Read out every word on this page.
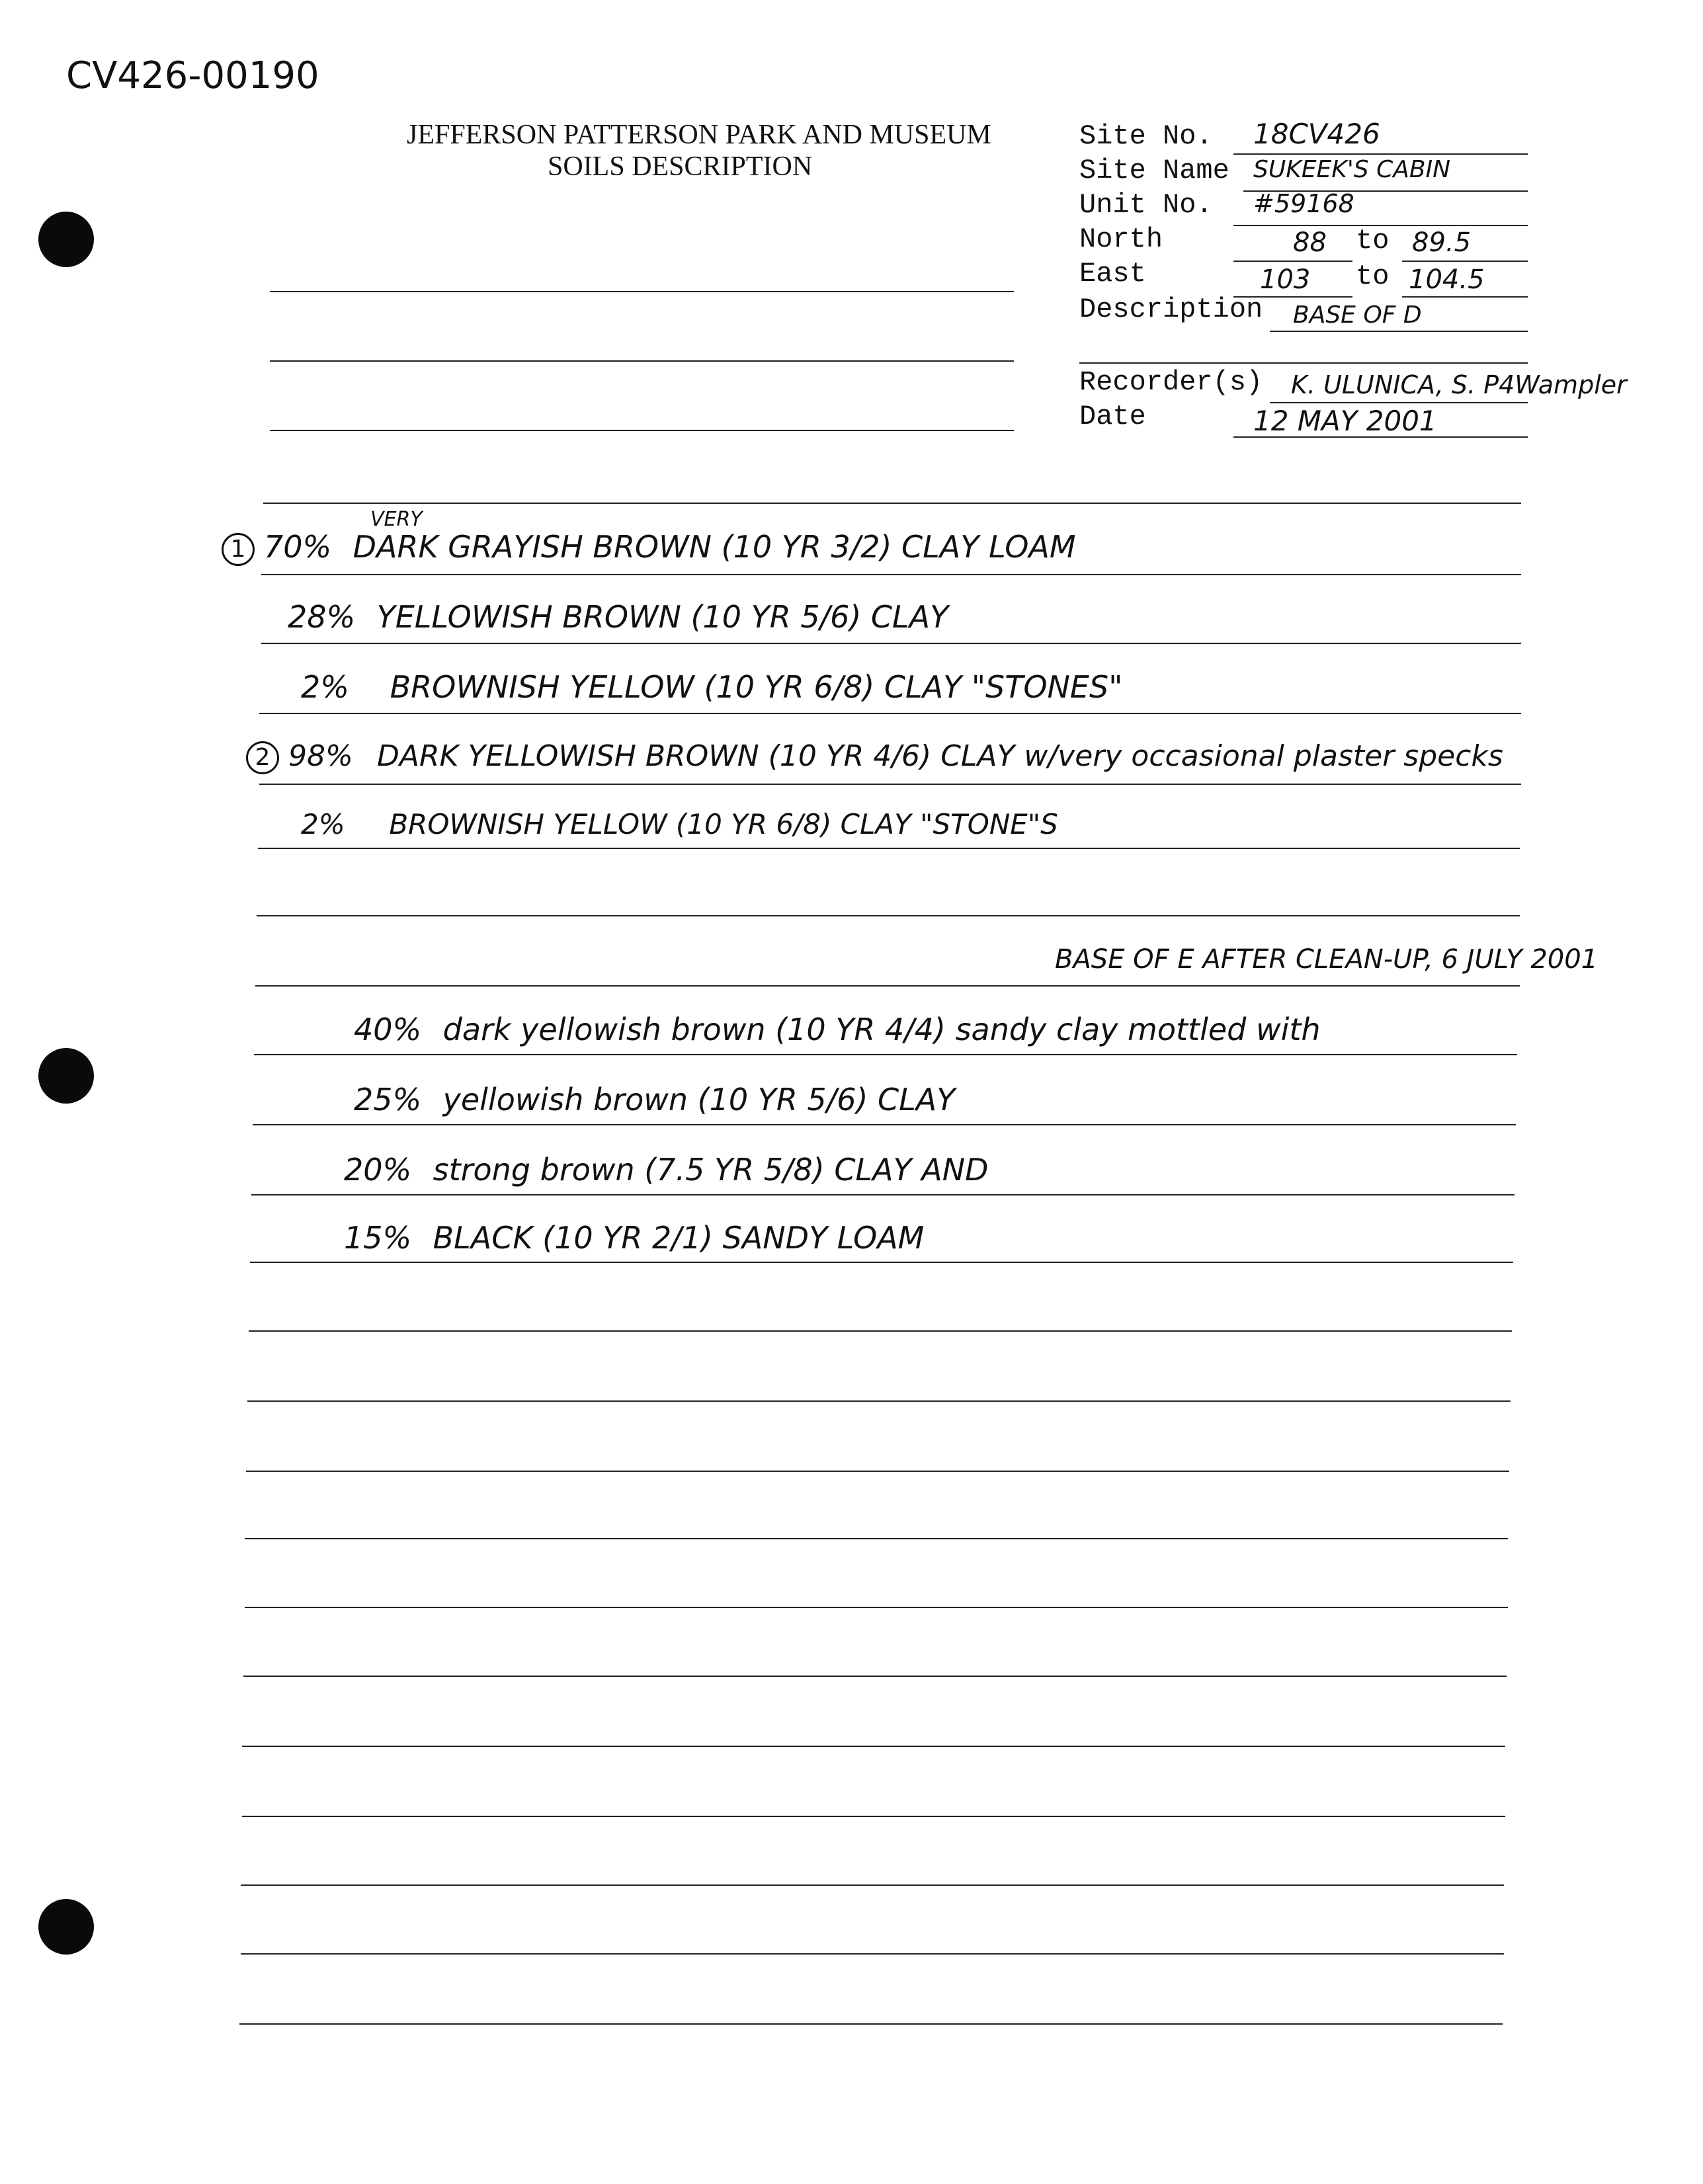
CV426-00190
JEFFERSON PATTERSON PARK AND MUSEUM
SOILS DESCRIPTION
Site No. 18CV426
Site Name SUKEEK'S CABIN
Unit No. #59168
North	88 to 89.5
East	103 to 104.5
Description BASE OF D
Recorder(s) K. ULUNICA, S. P4Wampler
Date	12 MAY 2001
VERY
1 70% DARK GRAYISH BROWN (10 YR 3/2) CLAY LOAM
28% YELLOWISH BROWN (10 YR 5/6) CLAY
2% BROWNISH YELLOW (10 YR 6/8) CLAY "STONES"
2 98% DARK YELLOWISH BROWN (10 YR 4/6) CLAY w/very occasional plaster specks
2% BROWNISH YELLOW (10 YR 6/8) CLAY "STONE"S
BASE OF E AFTER CLEAN-UP, 6 JULY 2001
40% dark yellowish brown (10 YR 4/4) sandy clay mottled with
25% yellowish brown (10 YR 5/6) CLAY
20% strong brown (7.5 YR 5/8) CLAY AND
15% BLACK (10 YR 2/1) SANDY LOAM
